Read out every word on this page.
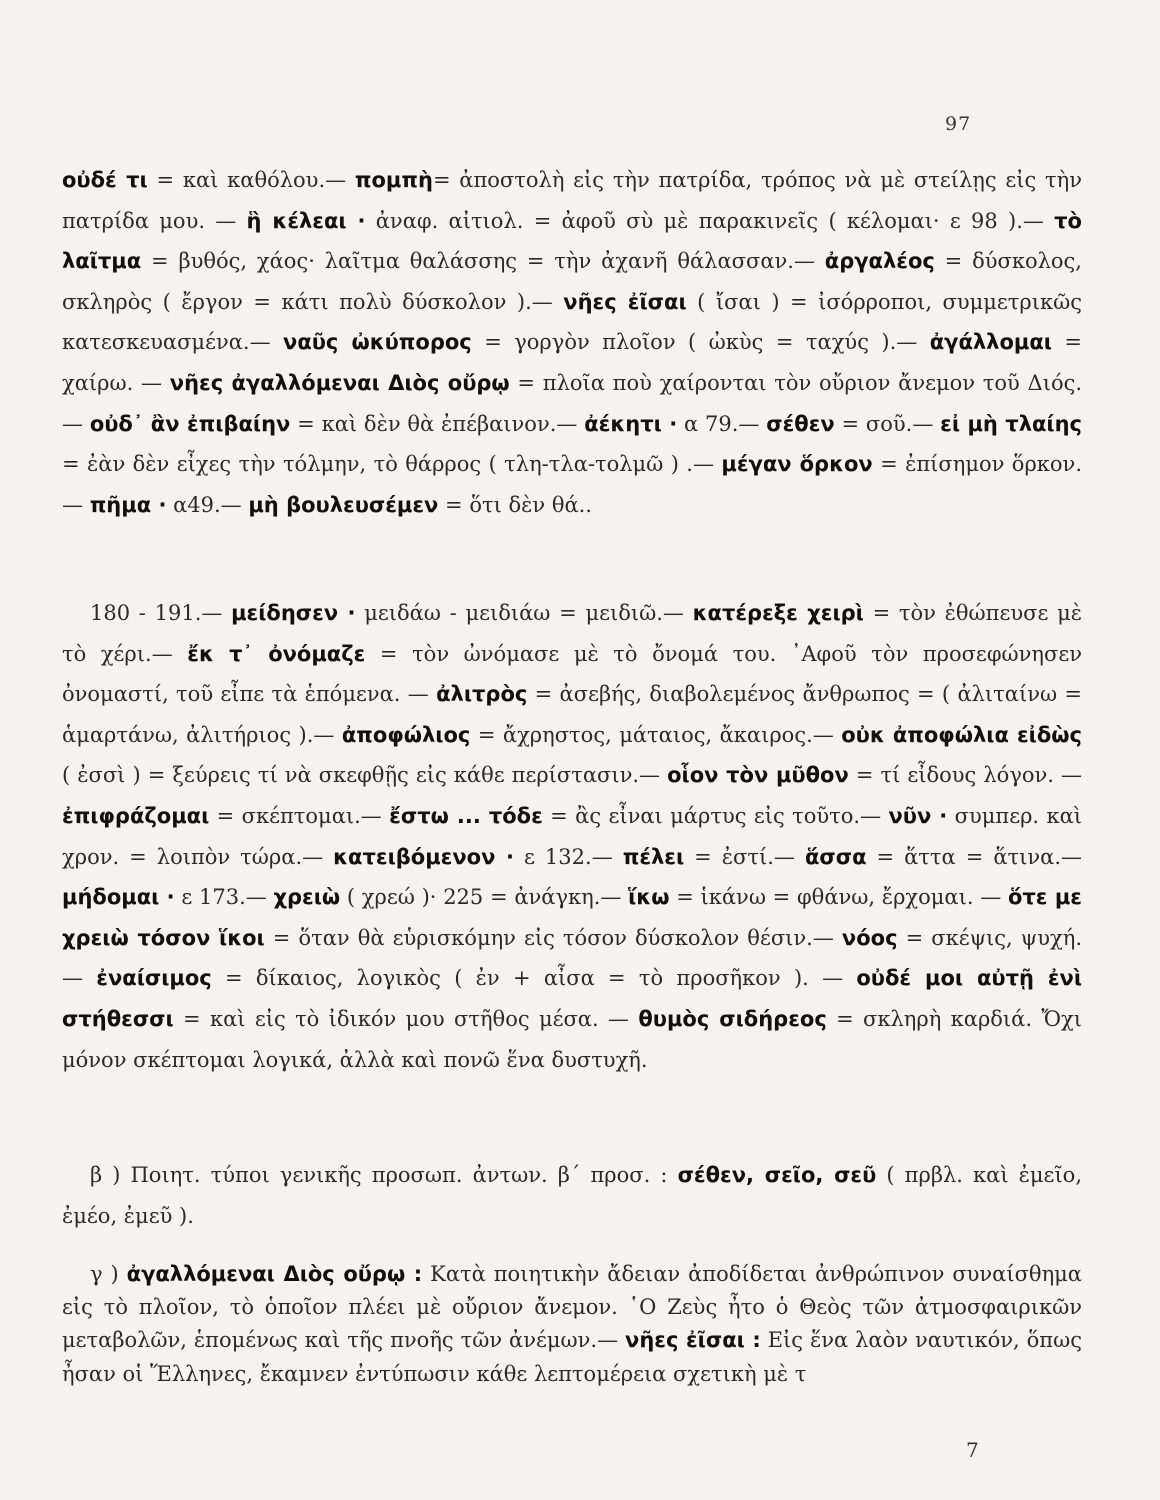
97

οὐδέ τι = καὶ καθόλου.— πομπὴ= ἀποστολὴ εἰς τὴν πατρίδα, τρόπος νὰ μὲ στείλῃς εἰς τὴν πατρίδα μου. — ἣ κέλεαι · ἀναφ. αἰτιολ. = ἀφοῦ σὺ μὲ παρακινεῖς ( κέλομαι· ε 98 ).— τὸ λαῖτμα = βυθός, χάος· λαῖτμα θαλάσσης = τὴν ἀχανῆ θάλασσαν.— ἀργαλέος = δύσκολος, σκληρὸς ( ἔργον = κάτι πολὺ δύσκολον ).— νῆες ἐῖσαι ( ἴσαι ) = ἰσόρροποι, συμμετρικῶς κατεσκευασμένα.— ναῦς ὠκύπορος = γοργὸν πλοῖον ( ὠκὺς = ταχύς ).— ἀγάλλομαι = χαίρω. — νῆες ἀγαλλόμεναι Διὸς οὔρῳ = πλοῖα ποὺ χαίρονται τὸν οὔριον ἄνεμον τοῦ Διός.— οὐδ᾽ ἂν ἐπιβαίην = καὶ δὲν θὰ ἐπέβαινον.— ἀέκητι · α 79.— σέθεν = σοῦ.— εἰ μὴ τλαίης = ἐὰν δὲν εἶχες τὴν τόλμην, τὸ θάρρος ( τλη-τλα-τολμῶ ) .— μέγαν ὅρκον = ἐπίσημον ὅρκον.— πῆμα · α49.— μὴ βουλευσέμεν = ὅτι δὲν θά..

180 - 191.— μείδησεν · μειδάω - μειδιάω = μειδιῶ.— κατέρεξε χειρὶ = τὸν ἐθώπευσε μὲ τὸ χέρι.— ἔκ τ᾽ ὀνόμαζε = τὸν ὠνόμασε μὲ τὸ ὄνομά του. ᾽Αφοῦ τὸν προσεφώνησεν ὀνομαστί, τοῦ εἶπε τὰ ἑπόμενα. — ἀλιτρὸς = ἀσεβής, διαβολεμένος ἄνθρωπος = ( ἀλιταίνω = ἁμαρτάνω, ἀλιτήριος ).— ἀποφώλιος = ἄχρηστος, μάταιος, ἄκαιρος.— οὐκ ἀποφώλια εἰδὼς ( ἐσσὶ ) = ξεύρεις τί νὰ σκεφθῇς εἰς κάθε περίστασιν.— οἷον τὸν μῦθον = τί εἶδους λόγον. — ἐπιφράζομαι = σκέπτομαι.— ἔστω ... τόδε = ἂς εἶναι μάρτυς εἰς τοῦτο.— νῦν · συμπερ. καὶ χρον. = λοιπὸν τώρα.— κατειβόμενον · ε 132.— πέλει = ἐστί.— ἅσσα = ἅττα = ἅτινα.— μήδομαι · ε 173.— χρειὼ ( χρεώ )· 225 = ἀνάγκη.— ἵκω = ἱκάνω = φθάνω, ἔρχομαι. — ὅτε με χρειὼ τόσον ἵκοι = ὅταν θὰ εὑρισκόμην εἰς τόσον δύσκολον θέσιν.— νόος = σκέψις, ψυχή.— ἐναίσιμος = δίκαιος, λογικὸς ( ἐν + αἶσα = τὸ προσῆκον ). — οὐδέ μοι αὐτῇ ἐνὶ στήθεσσι = καὶ εἰς τὸ ἰδικόν μου στῆθος μέσα. — θυμὸς σιδήρεος = σκληρὴ καρδιά. Ὄχι μόνον σκέπτομαι λογικά, ἀλλὰ καὶ πονῶ ἕνα δυστυχῆ.

β ) Ποιητ. τύποι γενικῆς προσωπ. ἀντων. β΄ προσ. : σέθεν, σεῖο, σεῦ ( πρβλ. καὶ ἐμεῖο, ἐμέο, ἐμεῦ ).

γ ) ἀγαλλόμεναι Διὸς οὔρῳ : Κατὰ ποιητικὴν ἄδειαν ἀποδίδεται ἀνθρώπινον συναίσθημα εἰς τὸ πλοῖον, τὸ ὁποῖον πλέει μὲ οὔριον ἄνεμον. ῾Ο Ζεὺς ἦτο ὁ Θεὸς τῶν ἀτμοσφαιρικῶν μεταβολῶν, ἑπομένως καὶ τῆς πνοῆς τῶν ἀνέμων.— νῆες ἐῖσαι : Εἰς ἕνα λαὸν ναυτικόν, ὅπως ἦσαν οἱ Ἕλληνες, ἔκαμνεν ἐντύπωσιν κάθε λεπτομέρεια σχετικὴ μὲ τ

7
